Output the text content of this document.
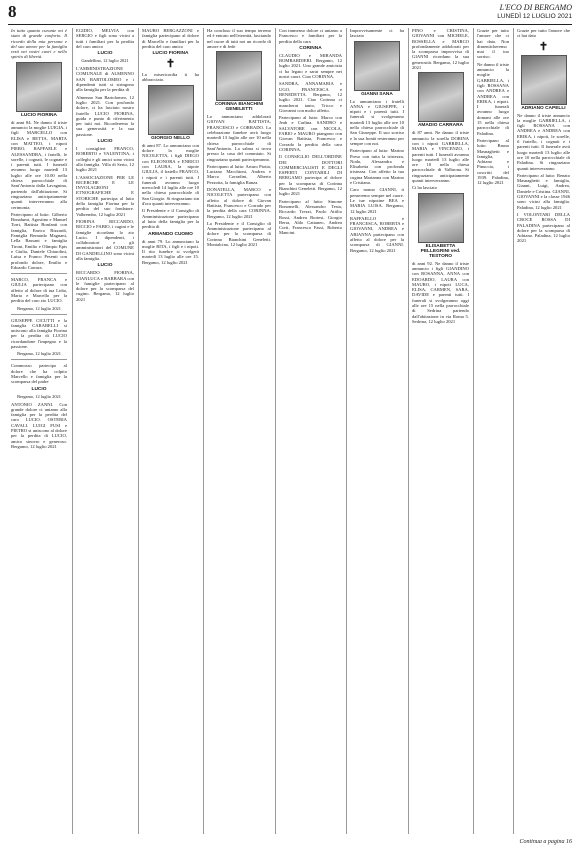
8	L'ECO DI BERGAMO
LUNEDÌ 12 LUGLIO 2021

In tutto quanto curante mi è stato di grande conforto. Il ricordo della mia persona e del suo amore per la famiglia resti nei vostri cuori e nello spirito di libertà.

LUCIO FIORINA

di anni 84. Ne danno il triste annuncio la moglie LUIGIA, i figli MARCELLO con ELISA e BETTA, MARTA con MATTEO, i nipoti PIERO, RAFFAELE e ALESSANDRA, i fratelli, le sorelle, i cognati, le cognate e i parenti tutti. I funerali avranno luogo martedì 13 luglio alle ore 10.00 nella chiesa parrocchiale di Sant'Antonio dalla Lavagnina, partendo dall'abitazione. Si ringraziano anticipatamente quanti interverranno alla cerimonia.

Partecipano al lutto: Gilberto Bonalumi, Agostino e Manuel Torri, Battista Bonfanti con famiglia, Enrico Rizzardi, Famiglia Bernardo Magnani, Lella Bassani e famiglia Tironi, Emilio e Olimpio Epis e Giulia, Daniele Chiarolini, Luisa e Franco Pesenti con profondo dolore, Emilio e Edoardo Carrara.

MARCO, FRANCA e GIULIA partecipano con affetto al dolore di tua Lidia, Marta e Marcello per la perdita del caro zio LUCIO.

Bergamo, 12 luglio 2021

GIUSEPPE CICUTTI e la famiglia CARABELLI si uniscono alla famiglia Fiorina per la perdita di LUCIO ricordandone l'impegno e la passione.

Bergamo, 12 luglio 2021

Commosso partecipo al dolore che ha colpito Marcello e famiglia per la scomparsa del padre

LUCIO

Bergamo, 12 luglio 2021

ANTONIO ZANNI. Con grande dolore ci uniamo alla famiglia per la perdita del caro LUCIO. OSTERIA CAVALI. LUIGI FUSI e PIETRO si uniscono al dolore per la perdita di LUCIO, amico sincero e generoso. Bergamo, 12 luglio 2021

EGIDIO, MELVIA con SERGIO e figli sono vicini a tutti i familiari per la perdita del caro amico

LUCIO

Gandellino, 12 luglio 2021

L'AMMINISTRAZIONE COMUNALE di ALMENNO SAN BARTOLOMEO e i dipendenti tutti si stringono alla famiglia per la perdita di

Almenno San Bartolomeo, 12 luglio 2021. Con profondo dolore, ci ha lasciato nostro fratello LUCIO FIORINA, guida e punto di riferimento per tutti noi. Ricorderemo la sua generosità e la sua passione.

LUCIO

I consiglieri FRANCO, ROBERTO e VALENTINA, i colleghi e gli amici sono vicini alla famiglia. Villa di Serio, 12 luglio 2021

L'ASSOCIAZIONE PER LE RICERCHE E LE INVOLAGRONI ETNOGRAFICHE E STORICHE partecipa al lutto della famiglia Fiorina per la perdita del suo fondatore. Valbrembo, 12 luglio 2021

FIORINA RICCARDO, RICCIO e FABIO, i cugini e le famiglie ricordano lo zio Lucio. I dipendenti, i collaboratori e gli amministratori del COMUNE DI GANDELLINO sono vicini alla famiglia.

LUCIO

RICCARDO FIORINA, GIANLUCA e BARBARA con le famiglie partecipano al dolore per la scomparsa del cugino. Bergamo, 12 luglio 2021

MAURO BERGAZZONI e famiglia partecipano al dolore di Marcello e familiari per la perdita del caro amico

LUCIO FIORINA

✝

La misericordia ti ha abbracciato.

GIORGIO NELLO

di anni 87. Lo annunciano con dolore la moglie NICOLETTA, i figli DIEGO con ELEONORA e ENRICO con LAURA, la nipote GIULIA, il fratello FRANCO, i nipoti e i parenti tutti. I funerali avranno luogo mercoledì 14 luglio alle ore 10 nella chiesa parrocchiale di San Giorgio. Si ringraziano sin d'ora quanti interverranno.

Il Presidente e il Consiglio di Amministrazione partecipano al lutto della famiglia per la perdita di

ARMANDO CUOMO

di anni 79. Lo annunciano la moglie RITA, i figli e i nipoti. Il rito funebre si svolgerà martedì 13 luglio alle ore 15. Bergamo, 12 luglio 2021

Ha concluso il suo tempo terreno ed è entrato nell'eternità, lasciando nel cuore di tutti noi un ricordo di amore e di fede

CORINNA BIANCHINI GENELETTI

Lo annunciano addolorati GIOVAN BATTISTA, FRANCESCO e CORRADO. La celebrazione funebre avrà luogo martedì 13 luglio alle ore 10 nella chiesa parrocchiale di Sant'Antonio. La salma si trova presso la casa del commiato. Si ringraziano quanti parteciperanno.

Partecipano al lutto: Arturo Piotta, Luciano Macchioni, Andrea e Marco Corradini, Alberto Pezzotta, la famiglia Ranza.

DONATELLA, MARCO e NICOLETTA partecipano con affetto al dolore di Giovan Battista, Francesco e Corrado per la perdita della cara CORINNA. Bergamo, 12 luglio 2021

La Presidente e il Consiglio di Amministrazione partecipano al dolore per la scomparsa di Corinna Bianchini Geneletti. Montalcino, 12 luglio 2021

Con immenso dolore ci uniamo a Francesco e familiari per la perdita della cara

CORINNA

CLAUDIO e MIRANDA BOMBARDIERI. Bergamo, 12 luglio 2021. Uno grande amicizia ci ha legato e sarai sempre nei nostri cuori. Ciao CORINNA.

SANDRA, ANNAMARIA e UGO, FRANCESCA e BENEDETTA. Bergamo, 12 luglio 2021. Ciao Corinna ci mancherai tanto, Tricco e Giovanni con molto affetto.

Partecipano al lutto: Marco con Jeab e Carlina. SANDRO e SALVATORE con NICOLA, FABIO e MAURO piangono con Giovan Battista, Francesco e Corrado la perdita della cara CORINNA.

Il CONSIGLIO DELL'ORDINE DEI DOTTORI COMMERCIALISTI E DEGLI ESPERTI CONTABILI DI BERGAMO partecipa al dolore per la scomparsa di Corinna Bianchini Geneletti. Bergamo, 12 luglio 2021

Partecipano al lutto: Simone Bonomelli, Alessandro Testa, Riccardo Trezzi, Paolo Attilio Rossi, Andrea Bortesi, Giorgio Berra, Aldo Cattaneo, Andrea Corti, Francesco Fassi, Roberto Mancini.

Improvvisamente ci ha lasciato

GIANNI SANA

Lo annunciano i fratelli ANNA e GIUSEPPE, i nipoti e i parenti tutti. I funerali si svolgeranno martedì 13 luglio alle ore 10 nella chiesa parrocchiale di San Giuseppe. Il suo sorriso e la sua bontà resteranno per sempre con noi.

Partecipano al lutto: Marino Preso con tutta la tristezza, Noda, Alessandra e Elisabetta con profonda tristezza. Con affetto la tua cugina Marianna con Marino e Cristiana.

Caro nonno GIANNI, ti penseremo sempre nel cuore. Le tue nipotine BEA e MARIA LUISA. Bergamo, 12 luglio 2021

RAFFAELLO e FRANCESCA, ROBERTA e GIOVANNI, ANDREA e ARIANNA partecipano con affetto al dolore per la scomparsa di GIANNI. Bergamo, 12 luglio 2021

PINO e CRISTINA, GIOVANNI con MICHELE, ROSSELLA e MARCO profondamente addolorati per la scomparsa improvvisa di GIANNI ricordano la sua generosità. Bergamo, 12 luglio 2021

AMADIO CARRARA

di 87 anni. Ne danno il triste annuncio la sorella DORINA con i nipoti GABRIELLA, MARIA e VINCENZO, i parenti tutti. I funerali avranno luogo martedì 13 luglio alle ore 10 nella chiesa parrocchiale di Valbrona. Si ringraziano anticipatamente quanti interverranno.

Ci ha lasciato

ELISABETTA PELLEGRINI ved. TESTORO

di anni 92. Ne danno il triste annuncio i figli GIANDINO con ROSANNA, ANNA con EDOARDO, LAURA con MAURO, i nipoti LUCA, ELISA, CARMEN, SARA, DAVIDE e parenti tutti. I funerali si svolgeranno oggi alle ore 15 nella parrocchiale di Sedrina partendo dall'abitazione in via Roma 5. Sedrina, 12 luglio 2021

Grazie per tutto l'amore che ci hai dato. Non dimenticheremo mai il tuo sorriso.

Ne danno il triste annuncio la moglie GABRIELLA, i figli ROSSANA con ANDREA e ANDREA con ERIKA, i nipoti. I funerali avranno luogo domani alle ore 15 nella chiesa parrocchiale di Paladina.

Partecipano al lutto: Bruno Masnaghetti e famiglia, Adriano e Pinuccia, i coscritti del 1939. Paladina, 12 luglio 2021

Grazie per tutto l'amore che ci hai dato

✝

ADRIANO CAPELLI

Ne danno il triste annuncio la moglie GABRIELLA, i figli ROSSANA con ANDREA e ANDREA con ERIKA, i nipoti, le sorelle, il fratello, i cognati e i parenti tutti. Il funerale avrà luogo martedì 13 luglio alle ore 10 nella parrocchiale di Paladina. Si ringraziano quanti interverranno.

Partecipano al lutto: Renato Masnaghetti e famiglia, Gianni, Luigi, Andrea, Daniele e Cristina. GIANNI, GIOVANNI e la classe 1946 sono vicini alla famiglia. Paladina, 12 luglio 2021

I VOLONTARI DELLA CROCE ROSSA DI PALADINA partecipano al dolore per la scomparsa di Adriano. Paladina, 12 luglio 2021

Continua a pagina 16
